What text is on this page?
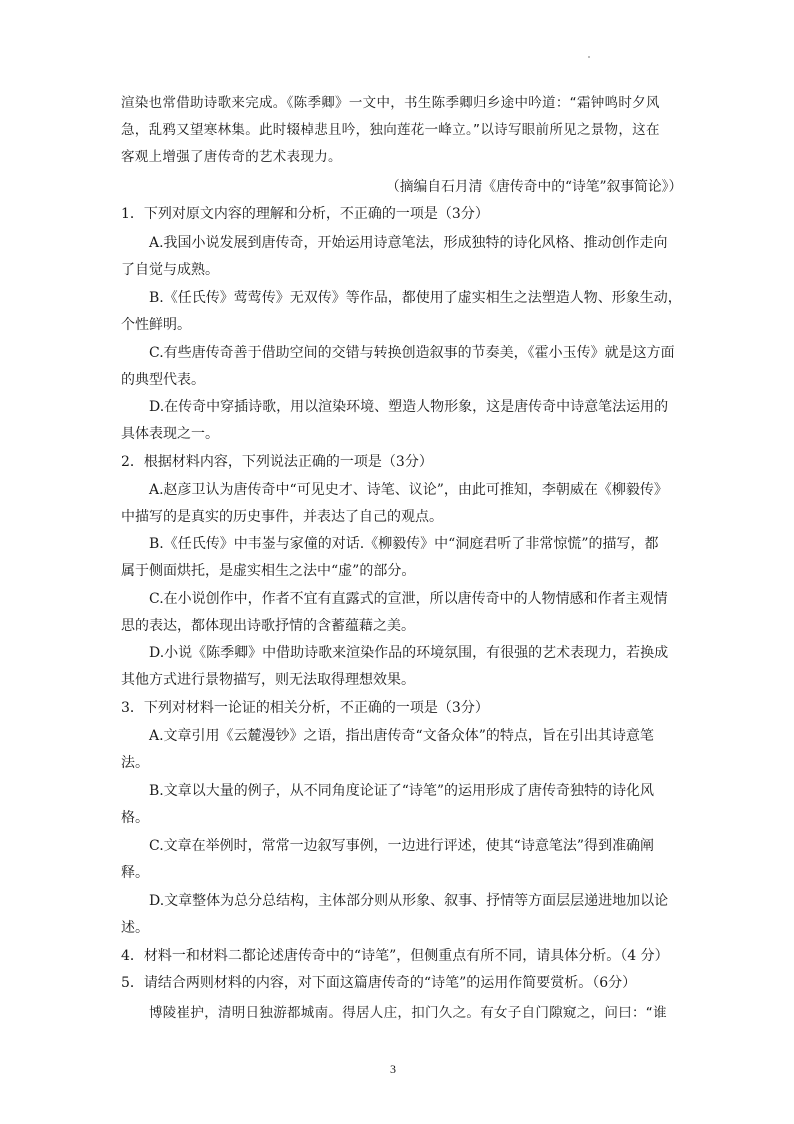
渲染也常借助诗歌来完成。《陈季卿》一文中，书生陈季卿归乡途中吟道：“霜钟鸣时夕风
急，乱鸦又望寒林集。此时辍棹悲且吟，独向莲花一峰立。”以诗写眼前所见之景物，这在
客观上增强了唐传奇的艺术表现力。
（摘编自石月清《唐传奇中的“诗笔”叙事简论》）
1．下列对原文内容的理解和分析，不正确的一项是（3分）
A.我国小说发展到唐传奇，开始运用诗意笔法，形成独特的诗化风格、推动创作走向
了自觉与成熟。
B.《任氏传》莺莺传》无双传》等作品，都使用了虚实相生之法塑造人物、形象生动，
个性鲜明。
C.有些唐传奇善于借助空间的交错与转换创造叙事的节奏美，《霍小玉传》就是这方面
的典型代表。
D.在传奇中穿插诗歌，用以渲染环境、塑造人物形象，这是唐传奇中诗意笔法运用的
具体表现之一。
2．根据材料内容，下列说法正确的一项是（3分）
A.赵彦卫认为唐传奇中“可见史才、诗笔、议论”，由此可推知，李朝威在《柳毅传》
中描写的是真实的历史事件，并表达了自己的观点。
B.《任氏传》中韦崟与家僮的对话.《柳毅传》中“洞庭君听了非常惊慌”的描写，都
属于侧面烘托，是虚实相生之法中“虚”的部分。
C.在小说创作中，作者不宜有直露式的宣泄，所以唐传奇中的人物情感和作者主观情
思的表达，都体现出诗歌抒情的含蓄蕴藉之美。
D.小说《陈季卿》中借助诗歌来渲染作品的环境氛围，有很强的艺术表现力，若换成
其他方式进行景物描写，则无法取得理想效果。
3．下列对材料一论证的相关分析，不正确的一项是（3分）
A.文章引用《云麓漫钞》之语，指出唐传奇“文备众体”的特点，旨在引出其诗意笔
法。
B.文章以大量的例子，从不同角度论证了“诗笔”的运用形成了唐传奇独特的诗化风
格。
C.文章在举例时，常常一边叙写事例，一边进行评述，使其“诗意笔法”得到准确阐
释。
D.文章整体为总分总结构，主体部分则从形象、叙事、抒情等方面层层递进地加以论
述。
4．材料一和材料二都论述唐传奇中的“诗笔”，但侧重点有所不同，请具体分析。（4 分）
5．请结合两则材料的内容，对下面这篇唐传奇的“诗笔”的运用作简要赏析。（6分）
博陵崔护，清明日独游都城南。得居人庄，扣门久之。有女子自门隙窥之，问曰：“谁
3
